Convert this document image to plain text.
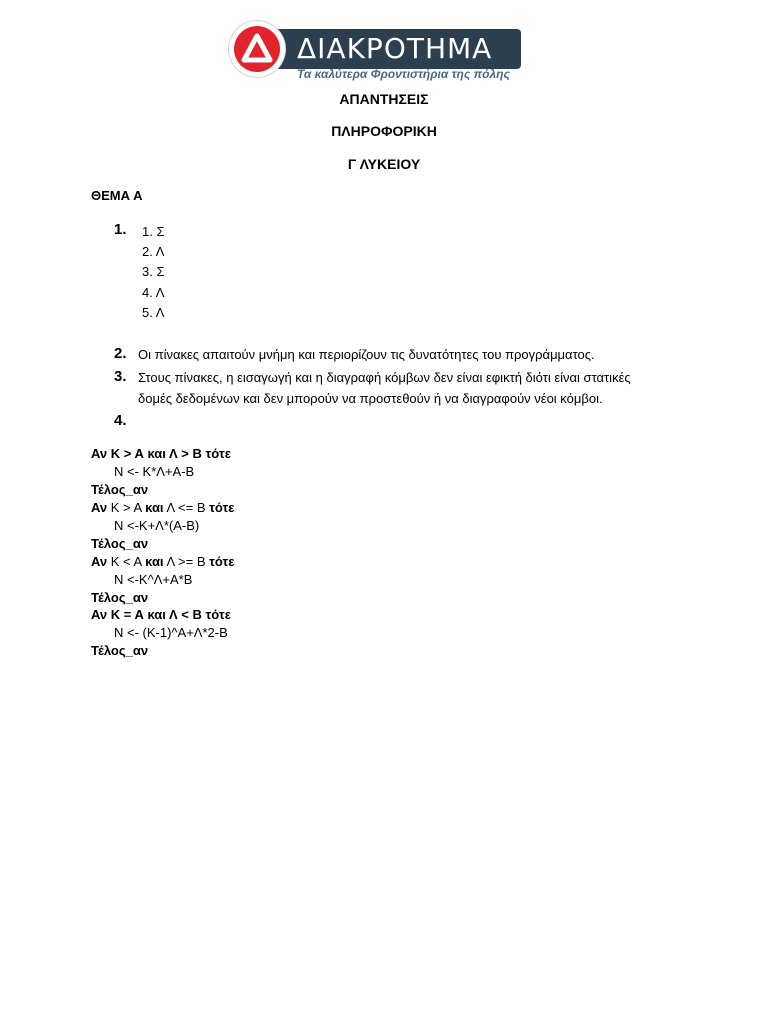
ΔΙΑΚΡΟΤΗΜΑ
Τα καλύτερα Φροντιστήρια της πόλης
ΑΠΑΝΤΗΣΕΙΣ
ΠΛΗΡΟΦΟΡΙΚΗ
Γ ΛΥΚΕΙΟΥ
ΘΕΜΑ Α
1. 1. Σ
2. Λ
3. Σ
4. Λ
5. Λ
2. Οι πίνακες απαιτούν μνήμη και περιορίζουν τις δυνατότητες του προγράμματος.
3. Στους πίνακες, η εισαγωγή και η διαγραφή κόμβων δεν είναι εφικτή διότι είναι στατικές
δομές δεδομένων και δεν μπορούν να προστεθούν ή να διαγραφούν νέοι κόμβοι.
4.
Αν Κ > Α και Λ > Β τότε
Ν <- Κ*Λ+Α-Β
Τέλος_αν
Αν Κ > Α και Λ <= Β τότε
Ν <-Κ+Λ*(Α-Β)
Τέλος_αν
Αν Κ < Α και Λ >= Β τότε
Ν <-Κ^Λ+Α*Β
Τέλος_αν
Αν Κ = Α και Λ < Β τότε
Ν <- (Κ-1)^Α+Λ*2-Β
Τέλος_αν
